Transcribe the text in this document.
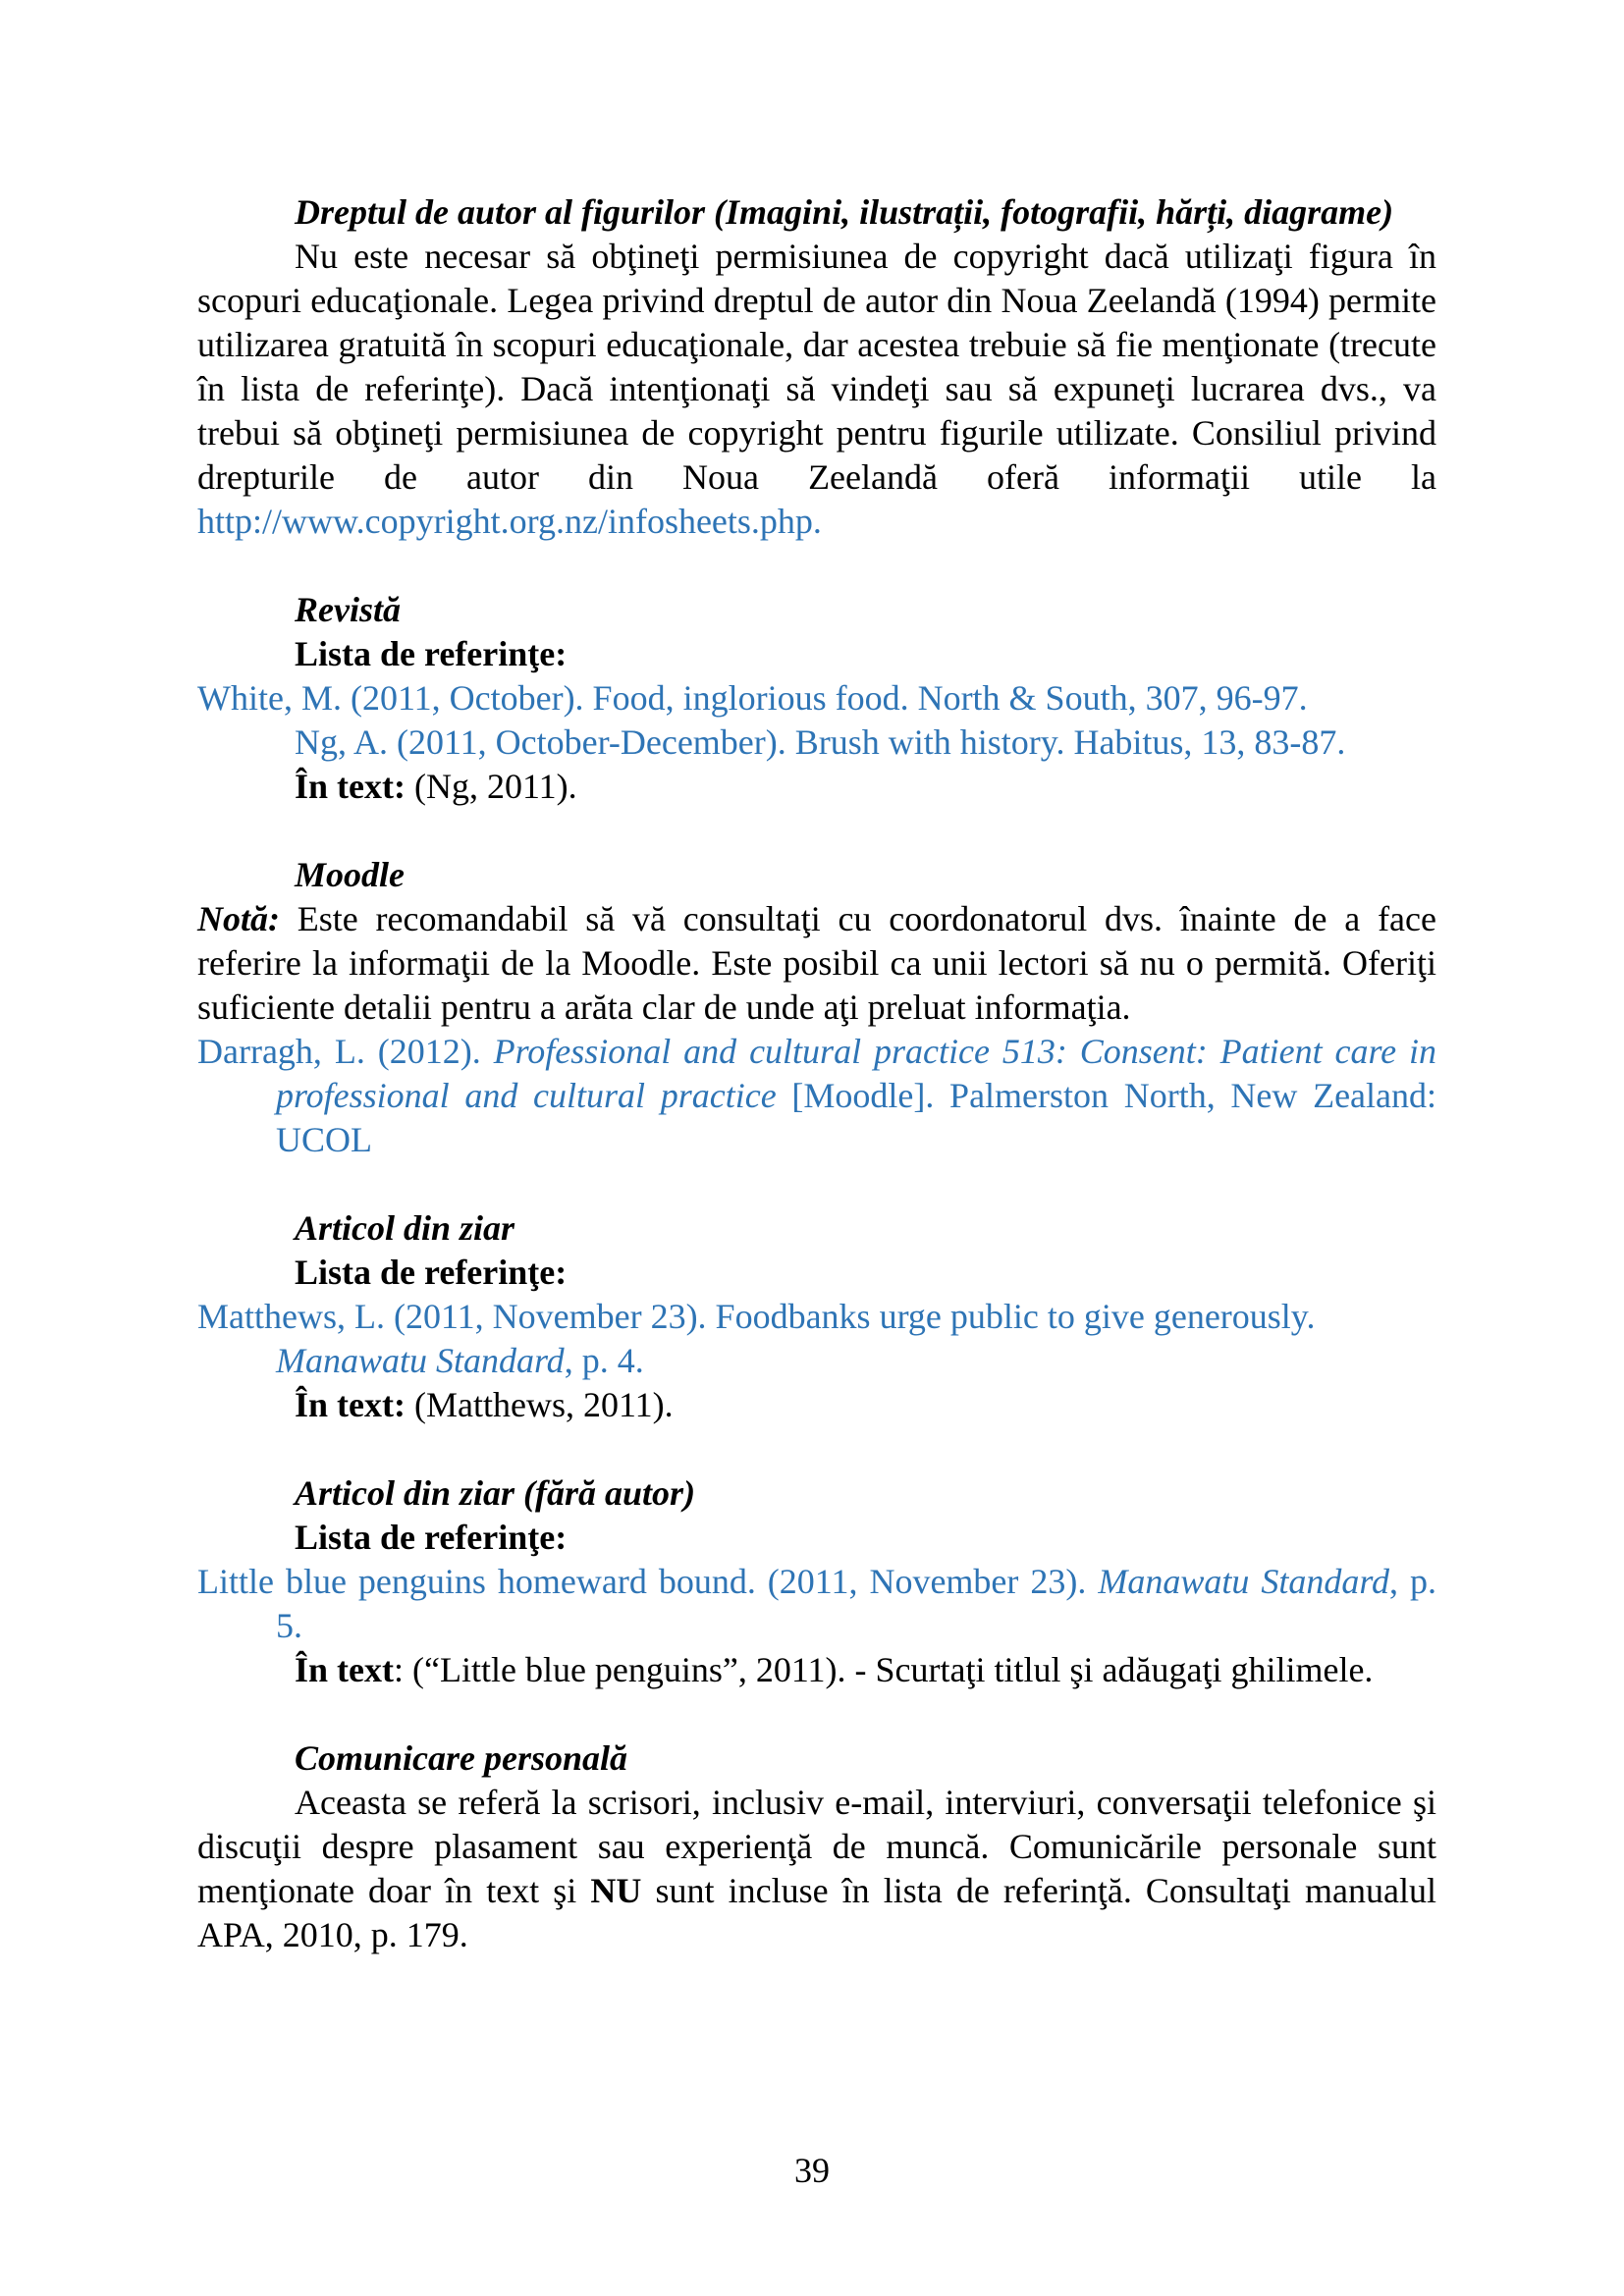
Dreptul de autor al figurilor (Imagini, ilustrații, fotografii, hărți, diagrame)
Nu este necesar să obţineţi permisiunea de copyright dacă utilizaţi figura în scopuri educaţionale. Legea privind dreptul de autor din Noua Zeelandă (1994) permite utilizarea gratuită în scopuri educaţionale, dar acestea trebuie să fie menţionate (trecute în lista de referinţe). Dacă intenţionaţi să vindeţi sau să expuneţi lucrarea dvs., va trebui să obţineţi permisiunea de copyright pentru figurile utilizate. Consiliul privind drepturile de autor din Noua Zeelandă oferă informaţii utile la http://www.copyright.org.nz/infosheets.php.
Revistă
Lista de referinţe:
White, M. (2011, October). Food, inglorious food. North & South, 307, 96-97.
Ng, A. (2011, October-December). Brush with history. Habitus, 13, 83-87.
În text: (Ng, 2011).
Moodle
Notă: Este recomandabil să vă consultaţi cu coordonatorul dvs. înainte de a face referire la informaţii de la Moodle. Este posibil ca unii lectori să nu o permită. Oferiţi suficiente detalii pentru a arăta clar de unde aţi preluat informaţia.
Darragh, L. (2012). Professional and cultural practice 513: Consent: Patient care in professional and cultural practice [Moodle]. Palmerston North, New Zealand: UCOL
Articol din ziar
Lista de referinţe:
Matthews, L. (2011, November 23). Foodbanks urge public to give generously. Manawatu Standard, p. 4.
În text: (Matthews, 2011).
Articol din ziar (fără autor)
Lista de referinţe:
Little blue penguins homeward bound. (2011, November 23). Manawatu Standard, p. 5.
În text: (“Little blue penguins”, 2011). - Scurtaţi titlul şi adăugaţi ghilimele.
Comunicare personală
Aceasta se referă la scrisori, inclusiv e-mail, interviuri, conversaţii telefonice şi discuţii despre plasament sau experienţă de muncă. Comunicările personale sunt menţionate doar în text şi NU sunt incluse în lista de referinţă. Consultaţi manualul APA, 2010, p. 179.
39
